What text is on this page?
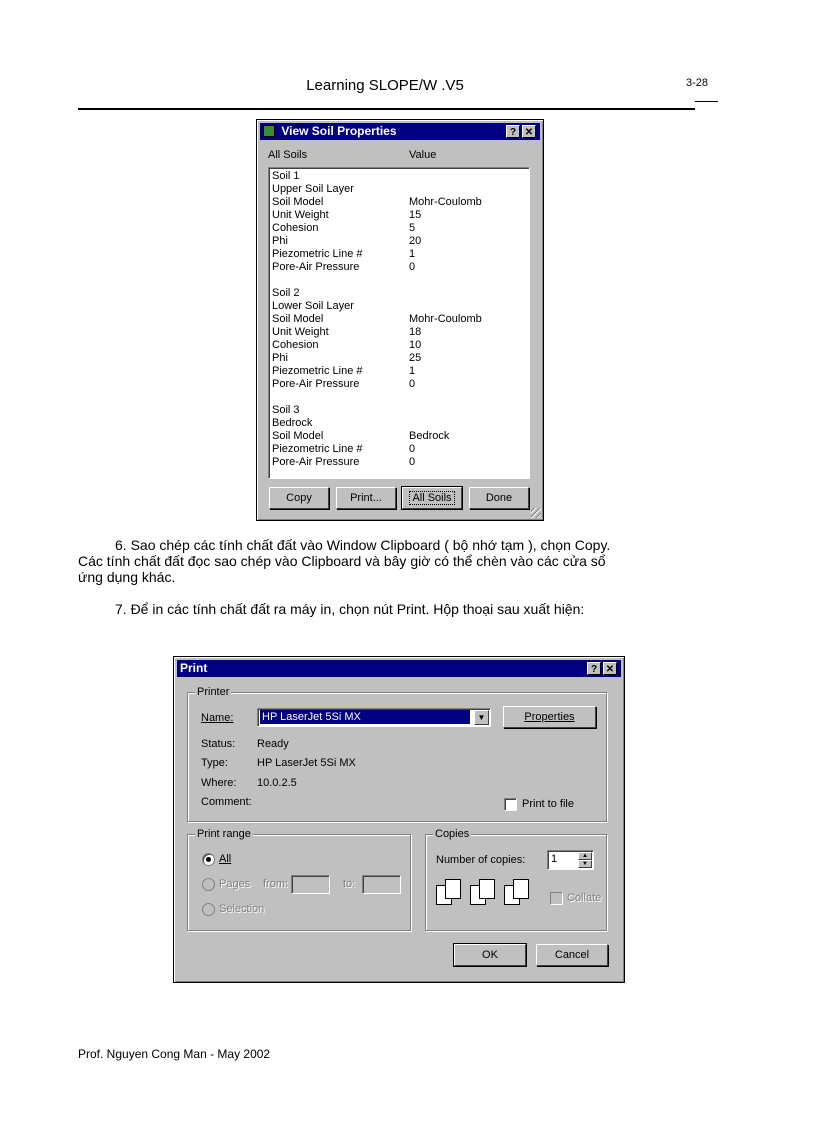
Learning SLOPE/W .V5	3-28
View Soil Properties	? ✕
All Soils	Value
Soil 1
Upper Soil Layer
Soil Model	Mohr-Coulomb
Unit Weight	15
Cohesion	5
Phi	20
Piezometric Line #	1
Pore-Air Pressure	0
Soil 2
Lower Soil Layer
Soil Model	Mohr-Coulomb
Unit Weight	18
Cohesion	10
Phi	25
Piezometric Line #	1
Pore-Air Pressure	0
Soil 3
Bedrock
Soil Model	Bedrock
Piezometric Line #	0
Pore-Air Pressure	0
Copy	Print...	All Soils	Done
6. Sao chép các tính chất đất vào Window Clipboard ( bộ nhớ tạm ), chọn Copy.
Các tính chất đất đọc sao chép vào Clipboard và bây giờ có thể chèn vào các cửa sổ
ứng dụng khác.
7. Để in các tính chất đất ra máy in, chọn nút Print. Hộp thoại sau xuất hiện:
Print	? ✕
Printer
Name:	HP LaserJet 5Si MX	▼	Properties
Status: Ready
Type:	HP LaserJet 5Si MX
Where: 10.0.2.5
Comment:	Print to file
Print range
All
Pages from:	to:
Selection
Copies
Number of copies: 1	▲
▼
Collate
OK	Cancel
Prof. Nguyen Cong Man - May 2002
